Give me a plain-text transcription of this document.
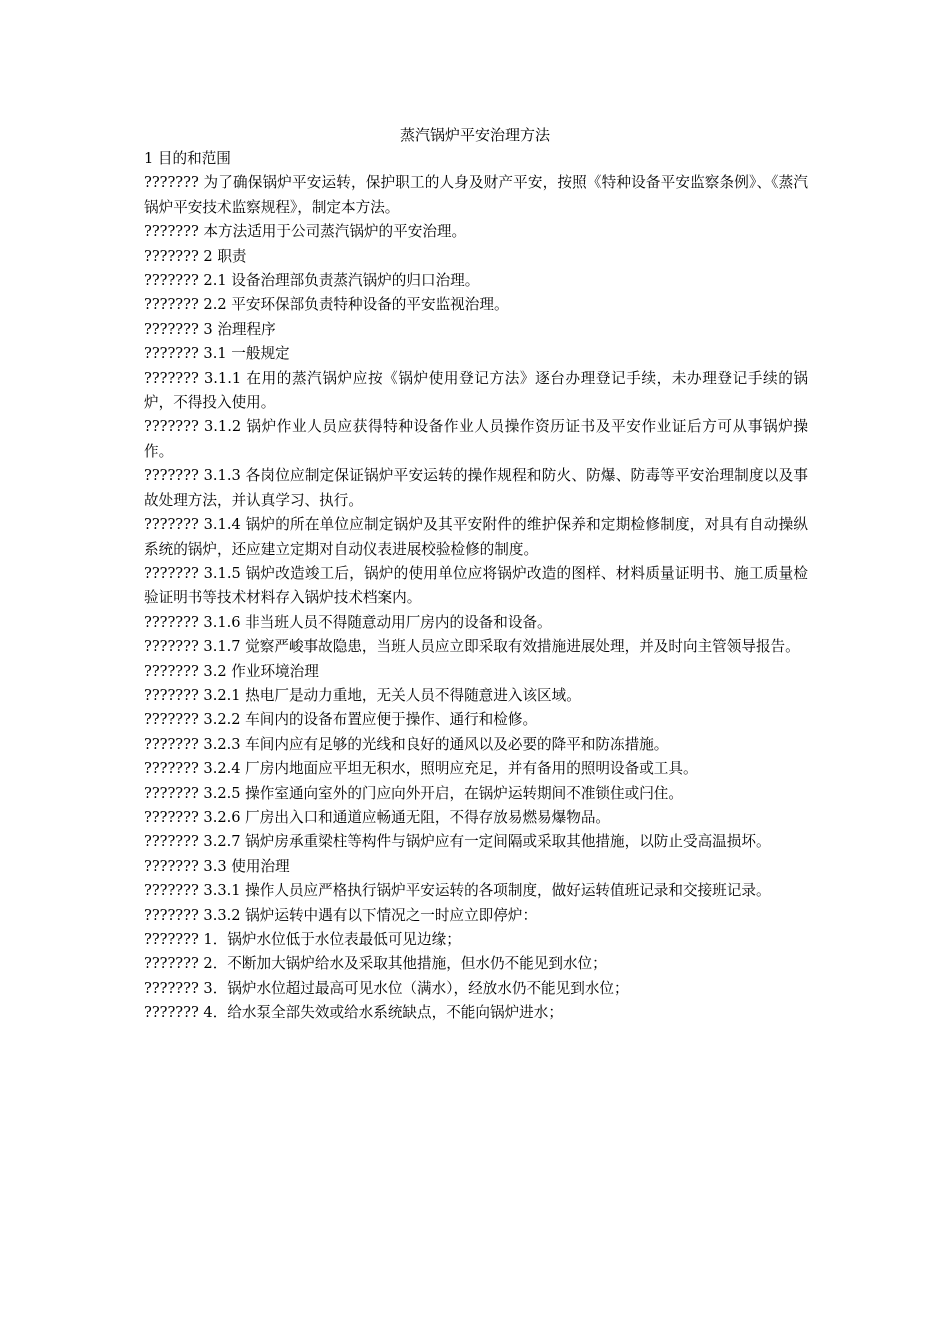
蒸汽锅炉平安治理方法

1 目的和范围

??????? 为了确保锅炉平安运转，保护职工的人身及财产平安，按照《特种设备平安监察条例》、《蒸汽锅炉平安技术监察规程》，制定本方法。

??????? 本方法适用于公司蒸汽锅炉的平安治理。

??????? 2 职责

??????? 2.1 设备治理部负责蒸汽锅炉的归口治理。

??????? 2.2 平安环保部负责特种设备的平安监视治理。

??????? 3 治理程序

??????? 3.1 一般规定

??????? 3.1.1 在用的蒸汽锅炉应按《锅炉使用登记方法》逐台办理登记手续，未办理登记手续的锅炉，不得投入使用。

??????? 3.1.2 锅炉作业人员应获得特种设备作业人员操作资历证书及平安作业证后方可从事锅炉操作。

??????? 3.1.3 各岗位应制定保证锅炉平安运转的操作规程和防火、防爆、防毒等平安治理制度以及事故处理方法，并认真学习、执行。

??????? 3.1.4 锅炉的所在单位应制定锅炉及其平安附件的维护保养和定期检修制度，对具有自动操纵系统的锅炉，还应建立定期对自动仪表进展校验检修的制度。

??????? 3.1.5 锅炉改造竣工后，锅炉的使用单位应将锅炉改造的图样、材料质量证明书、施工质量检验证明书等技术材料存入锅炉技术档案内。

??????? 3.1.6 非当班人员不得随意动用厂房内的设备和设备。

??????? 3.1.7 觉察严峻事故隐患，当班人员应立即采取有效措施进展处理，并及时向主管领导报告。

??????? 3.2 作业环境治理

??????? 3.2.1 热电厂是动力重地，无关人员不得随意进入该区域。

??????? 3.2.2 车间内的设备布置应便于操作、通行和检修。

??????? 3.2.3 车间内应有足够的光线和良好的通风以及必要的降平和防冻措施。

??????? 3.2.4 厂房内地面应平坦无积水，照明应充足，并有备用的照明设备或工具。

??????? 3.2.5 操作室通向室外的门应向外开启，在锅炉运转期间不准锁住或闩住。

??????? 3.2.6 厂房出入口和通道应畅通无阻，不得存放易燃易爆物品。

??????? 3.2.7 锅炉房承重梁柱等构件与锅炉应有一定间隔或采取其他措施，以防止受高温损坏。

??????? 3.3 使用治理

??????? 3.3.1 操作人员应严格执行锅炉平安运转的各项制度，做好运转值班记录和交接班记录。

??????? 3.3.2 锅炉运转中遇有以下情况之一时应立即停炉：

??????? 1．锅炉水位低于水位表最低可见边缘；

??????? 2．不断加大锅炉给水及采取其他措施，但水仍不能见到水位；

??????? 3．锅炉水位超过最高可见水位（满水），经放水仍不能见到水位；

??????? 4．给水泵全部失效或给水系统缺点，不能向锅炉进水；
